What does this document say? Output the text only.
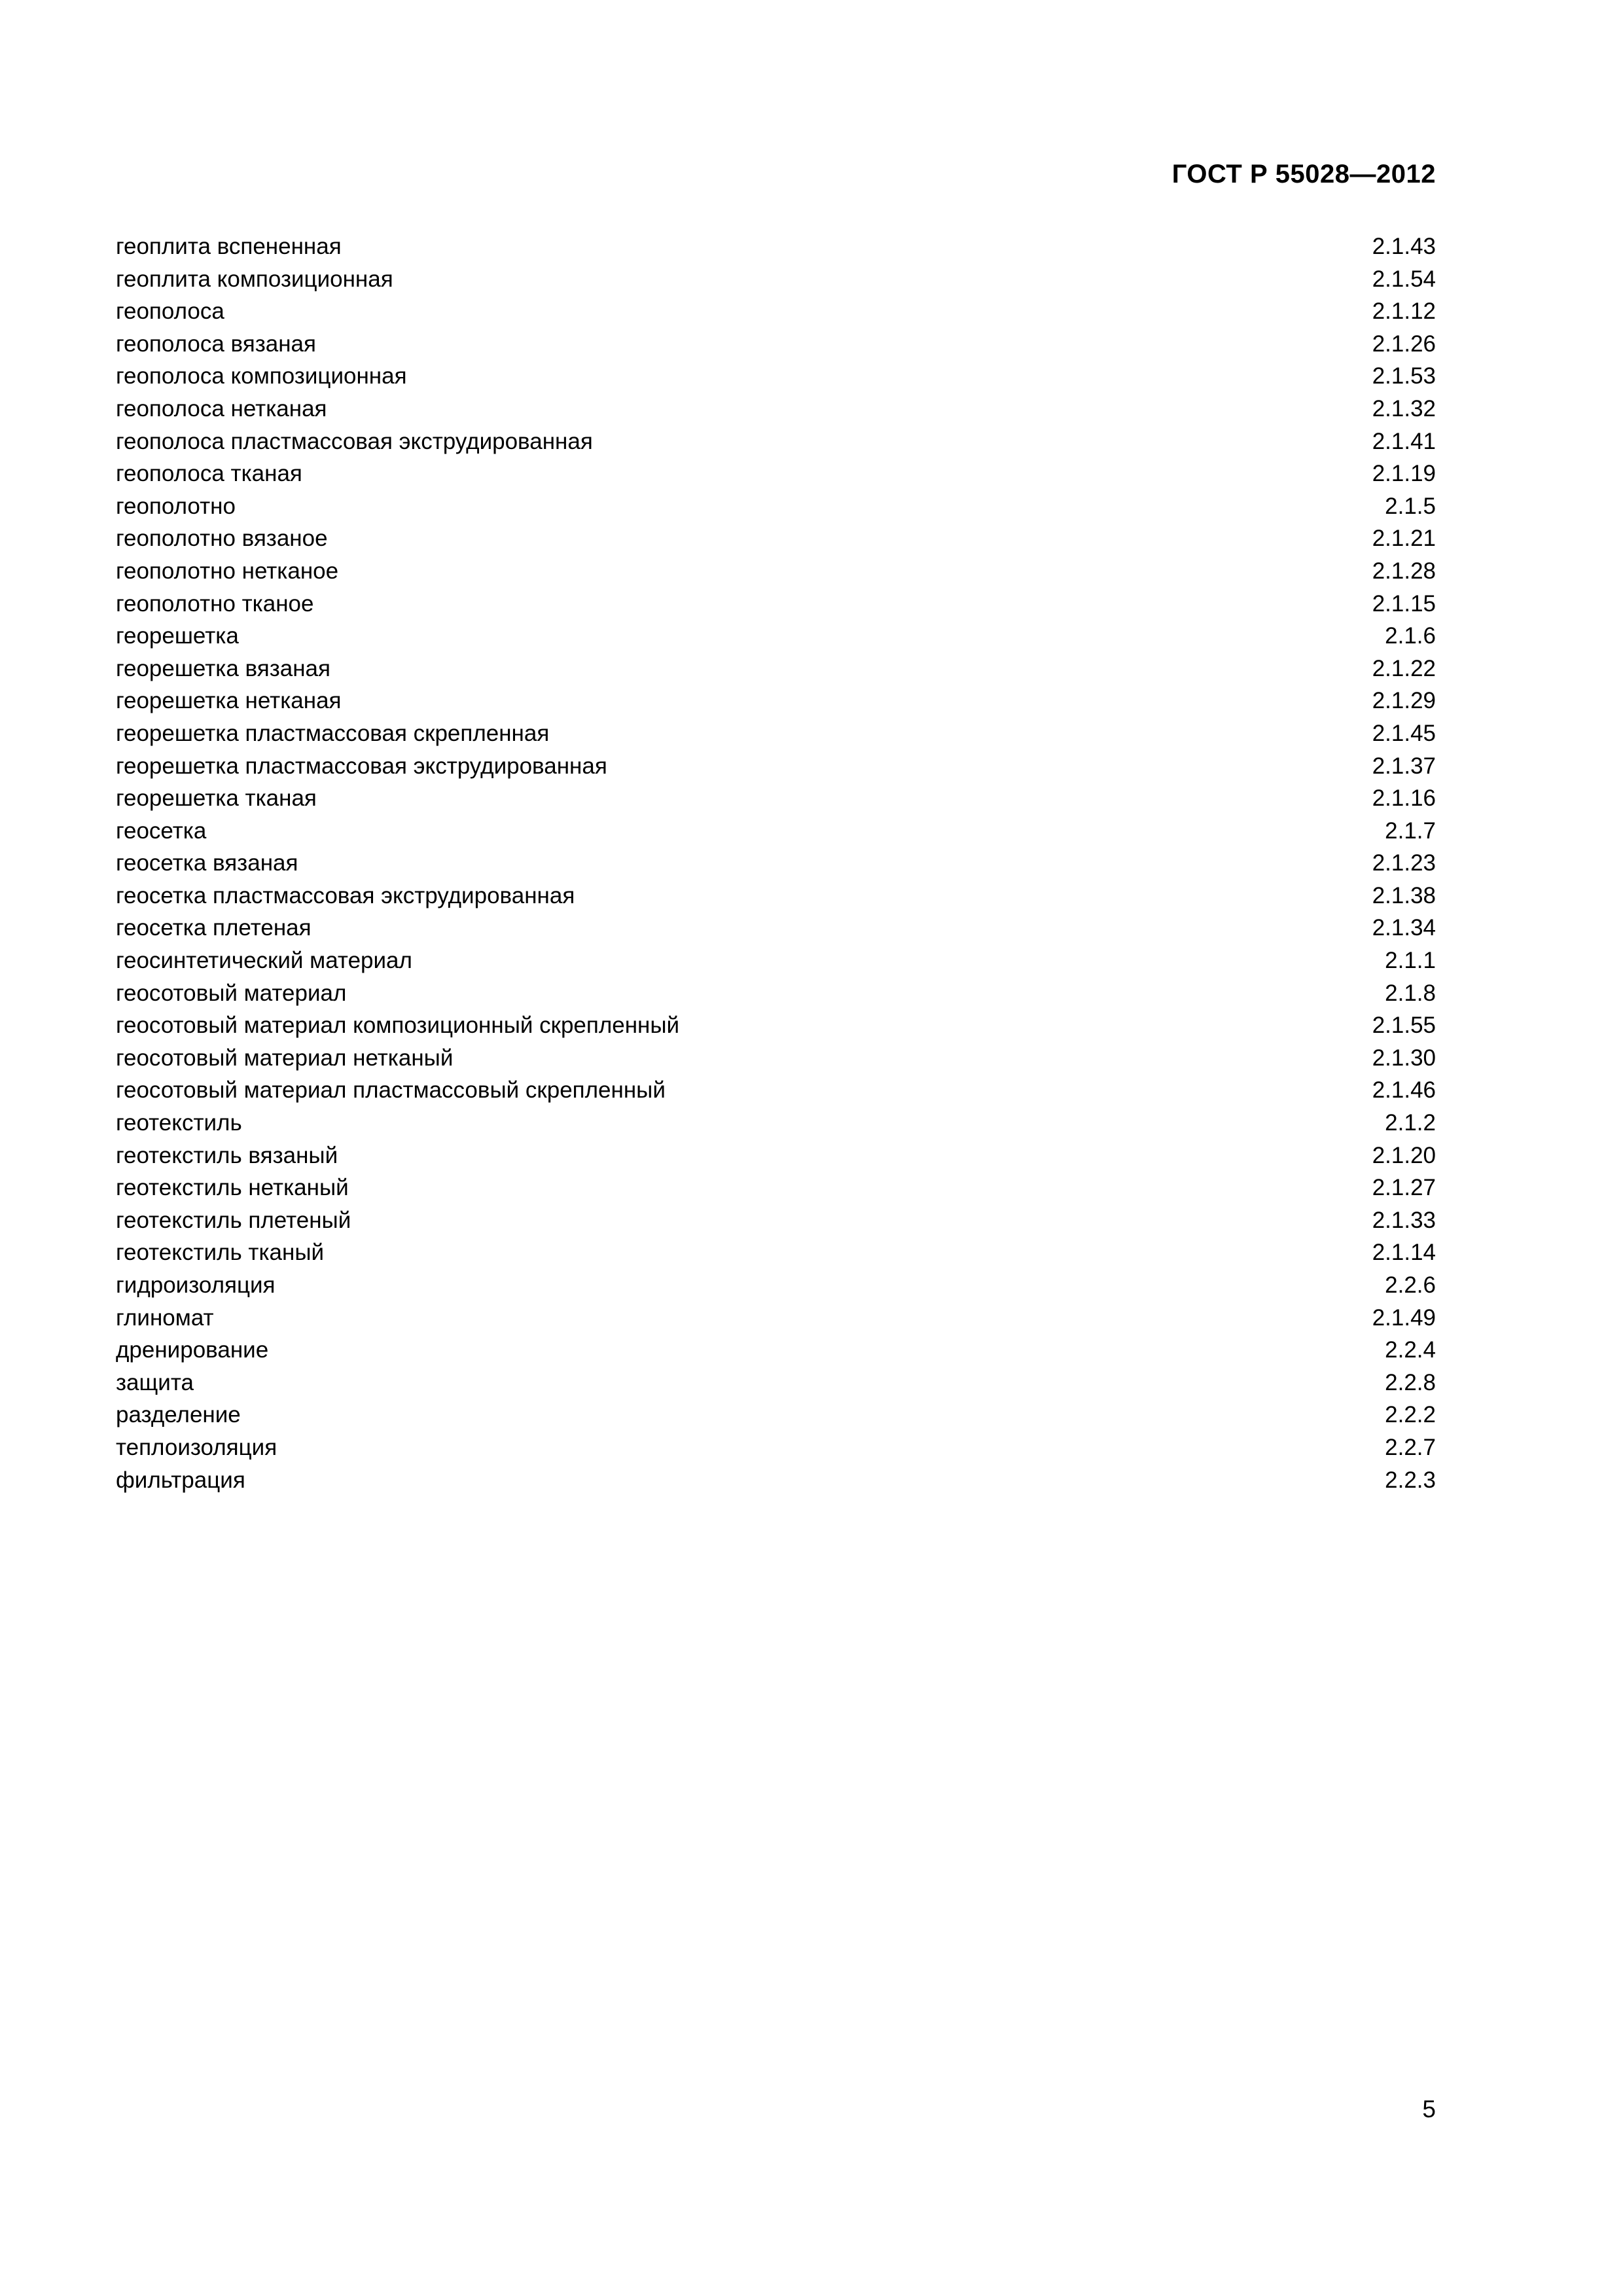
ГОСТ Р 55028—2012
геоплита вспененная	2.1.43
геоплита композиционная	2.1.54
геополоса	2.1.12
геополоса вязаная	2.1.26
геополоса композиционная	2.1.53
геополоса нетканая	2.1.32
геополоса пластмассовая экструдированная	2.1.41
геополоса тканая	2.1.19
геополотно	2.1.5
геополотно вязаное	2.1.21
геополотно нетканое	2.1.28
геополотно тканое	2.1.15
георешетка	2.1.6
георешетка вязаная	2.1.22
георешетка нетканая	2.1.29
георешетка пластмассовая скрепленная	2.1.45
георешетка пластмассовая экструдированная	2.1.37
георешетка тканая	2.1.16
геосетка	2.1.7
геосетка вязаная	2.1.23
геосетка пластмассовая экструдированная	2.1.38
геосетка плетеная	2.1.34
геосинтетический материал	2.1.1
геосотовый материал	2.1.8
геосотовый материал композиционный скрепленный	2.1.55
геосотовый материал нетканый	2.1.30
геосотовый материал пластмассовый скрепленный	2.1.46
геотекстиль	2.1.2
геотекстиль вязаный	2.1.20
геотекстиль нетканый	2.1.27
геотекстиль плетеный	2.1.33
геотекстиль тканый	2.1.14
гидроизоляция	2.2.6
глиномат	2.1.49
дренирование	2.2.4
защита	2.2.8
разделение	2.2.2
теплоизоляция	2.2.7
фильтрация	2.2.3
5
